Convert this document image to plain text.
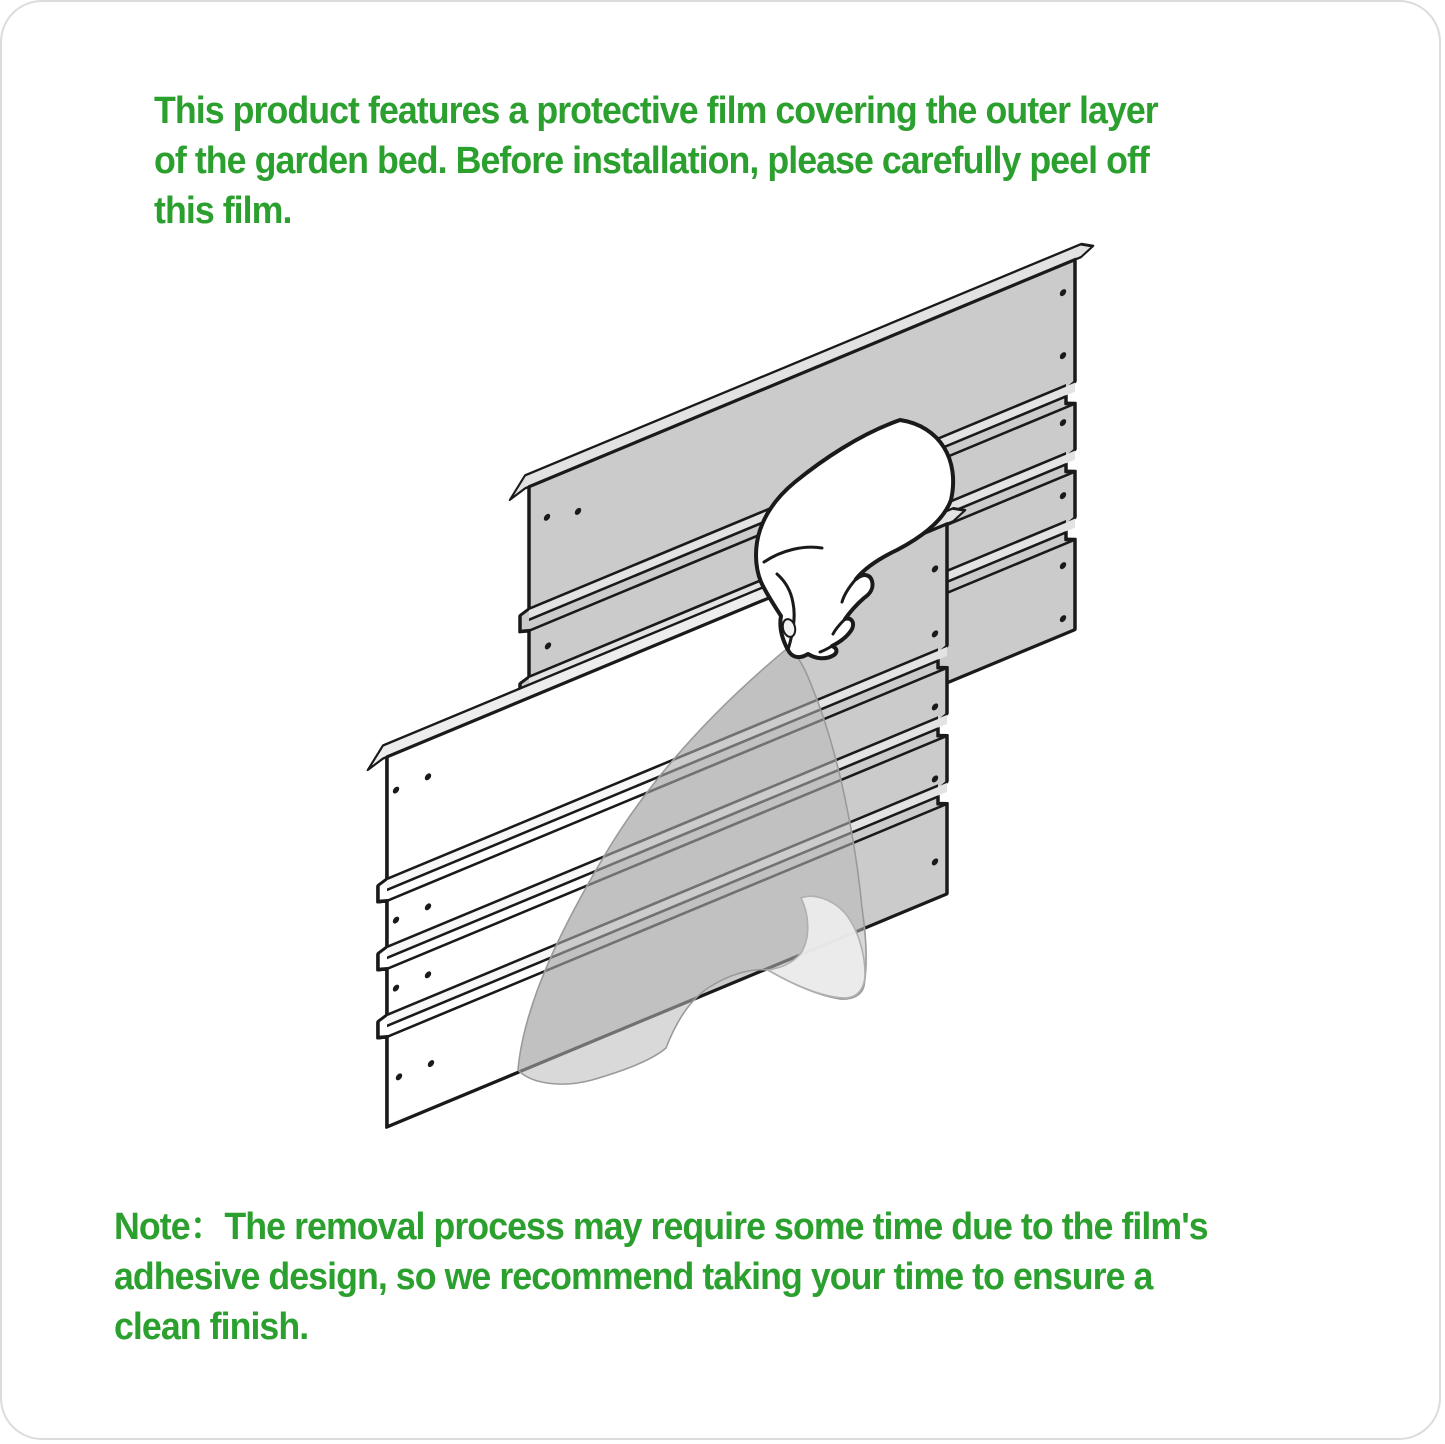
This product features a protective film covering the outer layer
of the garden bed. Before installation, please carefully peel off
this film.
Note：The removal process may require some time due to the film's
adhesive design, so we recommend taking your time to ensure a
clean finish.
